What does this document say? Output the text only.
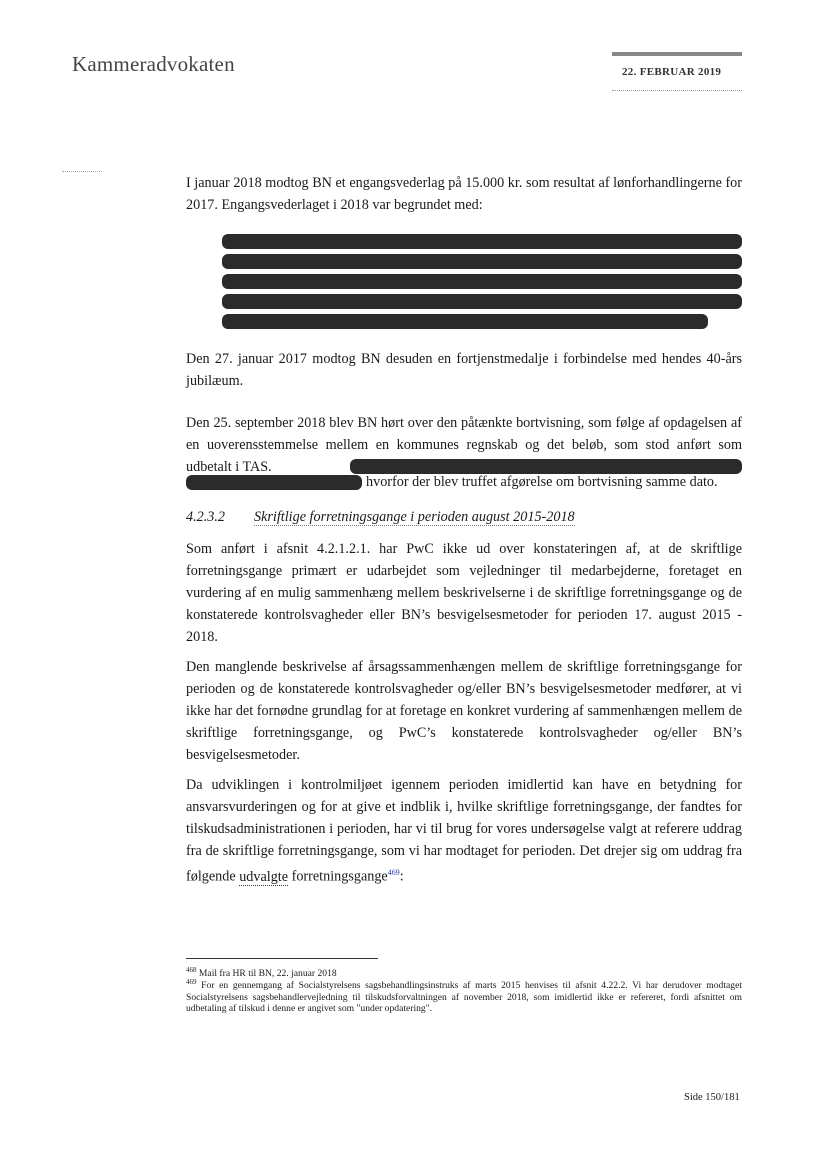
Kammeradvokaten	22. FEBRUAR 2019

I januar 2018 modtog BN et engangsvederlag på 15.000 kr. som resultat af lønforhandlingerne for 2017. Engangsvederlaget i 2018 var begrundet med:

Den 27. januar 2017 modtog BN desuden en fortjenstmedalje i forbindelse med hendes 40-års jubilæum.

Den 25. september 2018 blev BN hørt over den påtænkte bortvisning, som følge af opdagelsen af en uoverensstemmelse mellem en kommunes regnskab og det beløb, som stod anført som udbetalt i TAS.

hvorfor der blev truffet afgørelse om bortvisning samme dato.

4.2.3.2 Skriftlige forretningsgange i perioden august 2015-2018

Som anført i afsnit 4.2.1.2.1. har PwC ikke ud over konstateringen af, at de skriftlige forretningsgange primært er udarbejdet som vejledninger til medarbejderne, foretaget en vurdering af en mulig sammenhæng mellem beskrivelserne i de skriftlige forretningsgange og de konstaterede kontrolsvagheder eller BN’s besvigelsesmetoder for perioden 17. august 2015 - 2018.

Den manglende beskrivelse af årsagssammenhængen mellem de skriftlige forretningsgange for perioden og de konstaterede kontrolsvagheder og/eller BN’s besvigelsesmetoder medfører, at vi ikke har det fornødne grundlag for at foretage en konkret vurdering af sammenhængen mellem de skriftlige forretningsgange, og PwC’s konstaterede kontrolsvagheder og/eller BN’s besvigelsesmetoder.

Da udviklingen i kontrolmiljøet igennem perioden imidlertid kan have en betydning for ansvarsvurderingen og for at give et indblik i, hvilke skriftlige forretningsgange, der fandtes for tilskudsadministrationen i perioden, har vi til brug for vores undersøgelse valgt at referere uddrag fra de skriftlige forretningsgange, som vi har modtaget for perioden. Det drejer sig om uddrag fra følgende udvalgte forretningsgange$^{469}$:

$^{468}$ Mail fra HR til BN, 22. januar 2018

$^{469}$ For en gennemgang af Socialstyrelsens sagsbehandlingsinstruks af marts 2015 henvises til afsnit 4.22.2. Vi har derudover modtaget Socialstyrelsens sagsbehandlervejledning til tilskudsforvaltningen af november 2018, som imidlertid ikke er refereret, fordi afsnittet om udbetaling af tilskud i denne er angivet som "under opdatering".

Side 150/181
